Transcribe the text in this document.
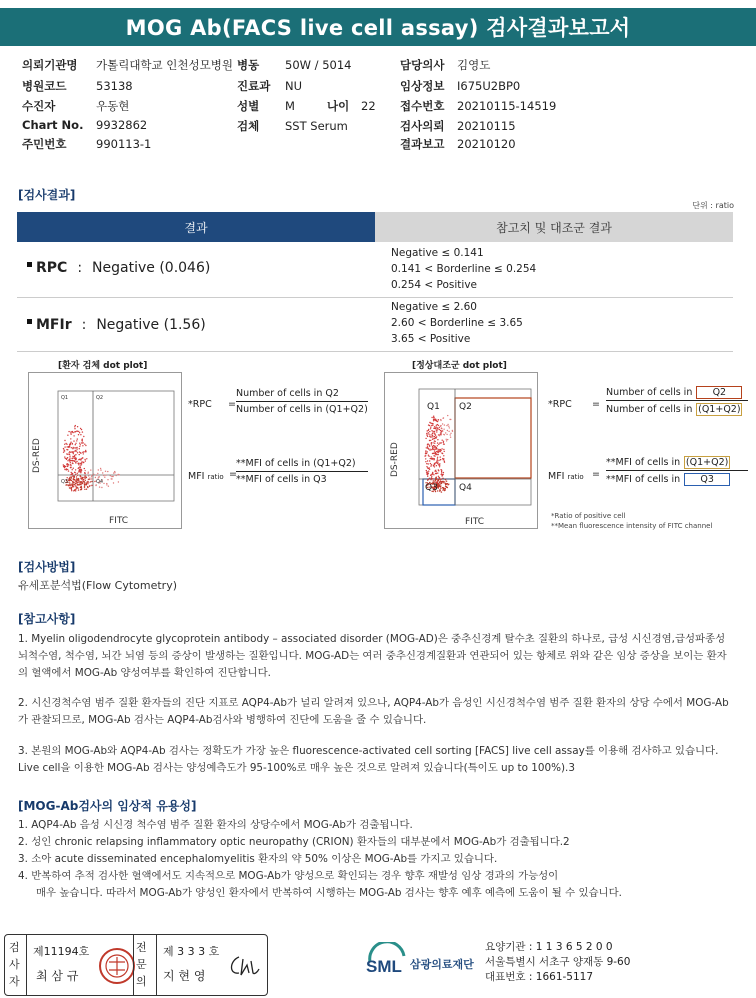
MOG Ab(FACS live cell assay) 검사결과보고서
의뢰기관명 가톨릭대학교 인천성모병원
병원코드	53138
수진자	우동현
Chart No. 9932862
주민번호	990113-1
병동 50W / 5014
진료과 NU
성별 M	나이 22
검체 SST Serum
담당의사 김영도
임상정보 I675U2BP0
접수번호 20210115-14519
검사의뢰 20210115
결과보고 20210120
[검사결과]
단위 : ratio
결과	참고치 및 대조군 결과
RPC : Negative (0.046)
Negative ≤ 0.141
0.141 < Borderline ≤ 0.254
0.254 < Positive
MFIr : Negative (1.56)
Negative ≤ 2.60
2.60 < Borderline ≤ 3.65
3.65 < Positive
[환자 검체 dot plot]	[정상대조군 dot plot]
Q1	Q2
Q3	Q4
DS-RED
FITC
Q1 Q2
Q3 Q4
DS-RED
FITC
*RPC =
Number of cells in Q2
Number of cells in (Q1+Q2)
MFI ratio =
**MFI of cells in (Q1+Q2)
**MFI of cells in Q3
*RPC =
Number of cells in	Q2
Number of cells in (Q1+Q2)
MFI ratio =
**MFI of cells in (Q1+Q2)
**MFI of cells in	Q3
*Ratio of positive cell
**Mean fluorescence intensity of FITC channel
[검사방법]
유세포분석법(Flow Cytometry)
[참고사항]
1. Myelin oligodendrocyte glycoprotein antibody – associated disorder (MOG-AD)은 중추신경계 탈수초 질환의 하나로, 급성 시신경염,급성파종성 뇌척수염, 척수염, 뇌간 뇌염 등의 증상이 발생하는 질환입니다. MOG-AD는 여러 중추신경계질환과 연관되어 있는 항체로 위와 같은 임상 증상을 보이는 환자의 혈액에서 MOG-Ab 양성여부를 확인하여 진단합니다.
2. 시신경척수염 범주 질환 환자들의 진단 지표로 AQP4-Ab가 널리 알려져 있으나, AQP4-Ab가 음성인 시신경척수염 범주 질환 환자의 상당 수에서 MOG-Ab가 관찰되므로, MOG-Ab 검사는 AQP4-Ab검사와 병행하여 진단에 도움을 줄 수 있습니다.
3. 본원의 MOG-Ab와 AQP4-Ab 검사는 정확도가 가장 높은 fluorescence-activated cell sorting [FACS] live cell assay를 이용해 검사하고 있습니다. Live cell을 이용한 MOG-Ab 검사는 양성예측도가 95-100%로 매우 높은 것으로 알려져 있습니다(특이도 up to 100%).3
[MOG-Ab검사의 임상적 유용성]
1. AQP4-Ab 음성 시신경 척수염 범주 질환 환자의 상당수에서 MOG-Ab가 검출됩니다.
2. 성인 chronic relapsing inflammatory optic neuropathy (CRION) 환자들의 대부분에서 MOG-Ab가 검출됩니다.2
3. 소아 acute disseminated encephalomyelitis 환자의 약 50% 이상은 MOG-Ab를 가지고 있습니다.
4. 반복하여 추적 검사한 혈액에서도 지속적으로 MOG-Ab가 양성으로 확인되는 경우 향후 재발성 임상 경과의 가능성이
매우 높습니다. 따라서 MOG-Ab가 양성인 환자에서 반복하여 시행하는 MOG-Ab 검사는 향후 예후 예측에 도움이 될 수 있습니다.
검사자
제11194호
최 삼 규
전문의
제 3 3 3 호
지 현 영	SML 삼광의료재단
요양기관 : 1 1 3 6 5 2 0 0
서울특별시 서초구 양재동 9-60
대표번호 : 1661-5117
